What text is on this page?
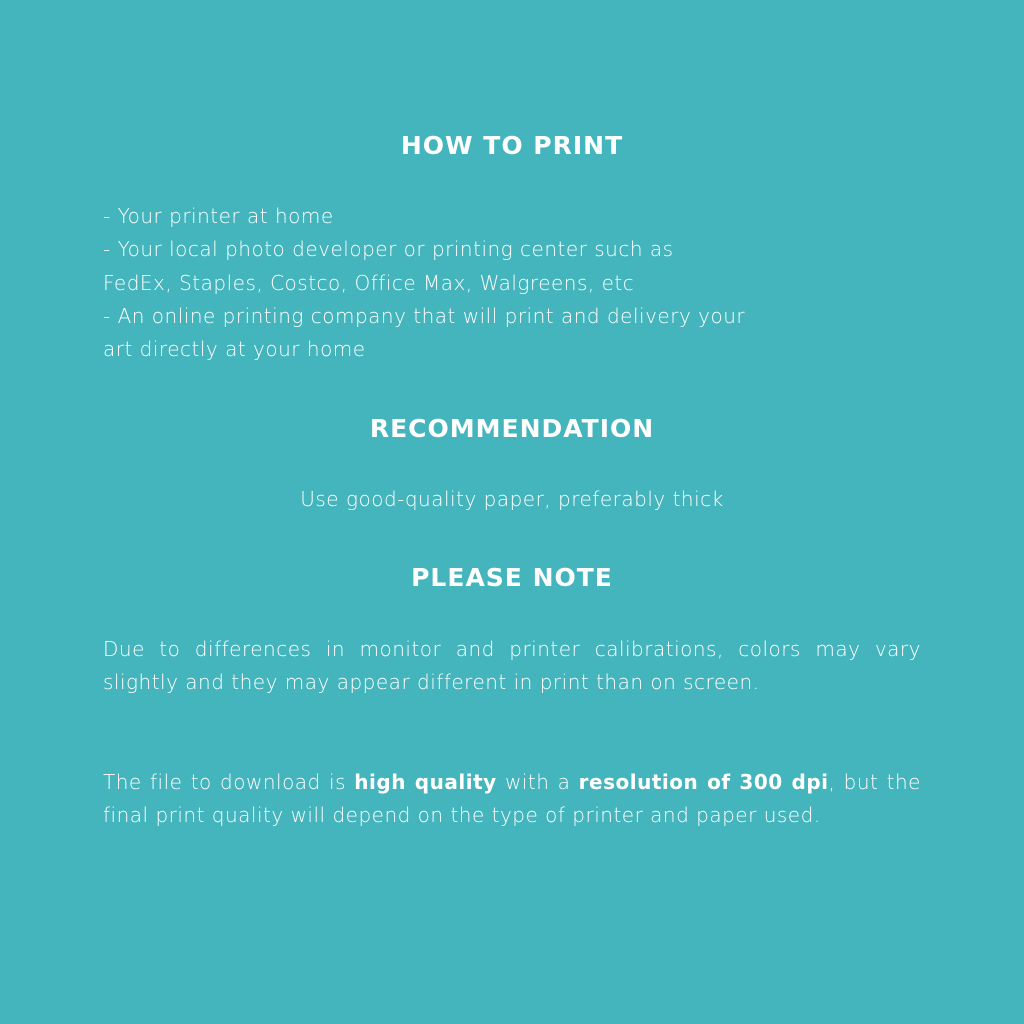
HOW TO PRINT
- Your printer at home
- Your local photo developer or printing center such as
FedEx, Staples, Costco, Office Max, Walgreens, etc
- An online printing company that will print and delivery your
art directly at your home
RECOMMENDATION

Use good-quality paper, preferably thick

PLEASE NOTE

Due to differences in monitor and printer calibrations, colors may vary slightly and they may appear different in print than on screen.

The file to download is high quality with a resolution of 300 dpi, but the final print quality will depend on the type of printer and paper used.
